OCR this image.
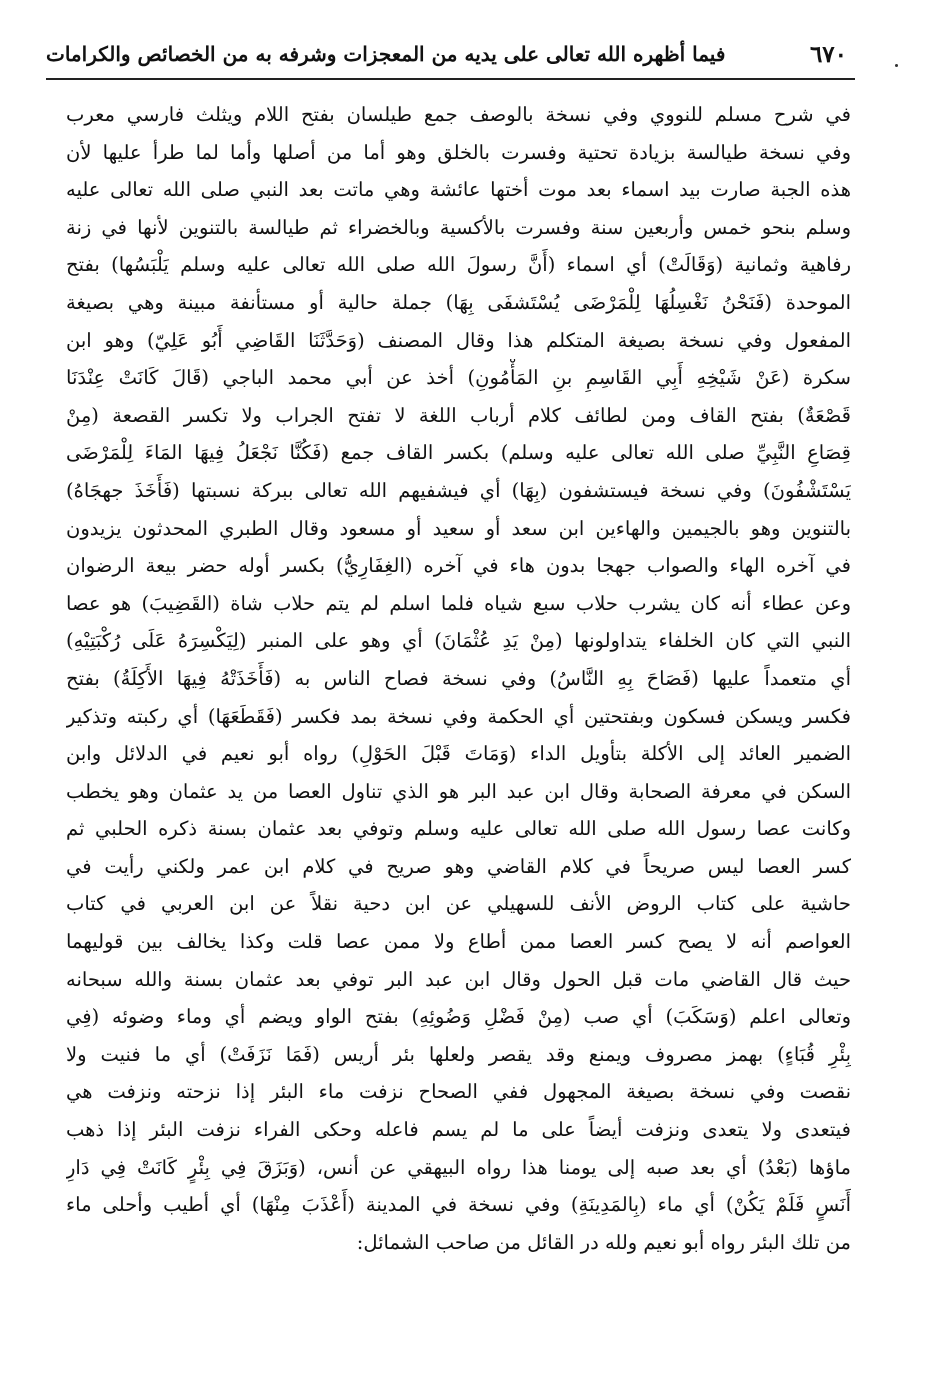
٦٧٠
فيما أظهره الله تعالى على يديه من المعجزات وشرفه به من الخصائص والكرامات
في شرح مسلم للنووي وفي نسخة بالوصف جمع طيلسان بفتح اللام ويثلث فارسي معرب
وفي نسخة طيالسة بزيادة تحتية وفسرت بالخلق وهو أما من أصلها وأما لما طرأ عليها لأن
هذه الجبة صارت بيد اسماء بعد موت أختها عائشة وهي ماتت بعد النبي صلى الله تعالى عليه
وسلم بنحو خمس وأربعين سنة وفسرت بالأكسية وبالخضراء ثم طيالسة بالتنوين لأنها في زنة
رفاهية وثمانية (وَقَالَتْ) أي اسماء (أَنَّ رسولَ الله صلى الله تعالى عليه وسلم يَلْبَسُها) بفتح
الموحدة (فَنَحْنُ نَغْسِلُهَا لِلْمَرْضَى يُسْتَشفَى بِهَا) جملة حالية أو مستأنفة مبينة وهي بصيغة
المفعول وفي نسخة بصيغة المتكلم هذا وقال المصنف (وَحَدَّثَنَا القَاضِي أَبُو عَلِيّ) وهو ابن
سكرة (عَنْ شَيْخِهِ أَبِي القَاسِمِ بنِ المَأْمُونِ) أخذ عن أبي محمد الباجي (قَالَ كَانَتْ عِنْدَنَا
قَصْعَةٌ) بفتح القاف ومن لطائف كلام أرباب اللغة لا تفتح الجراب ولا تكسر القصعة (مِنْ
قِصَاعِ النَّبِيِّ صلى الله تعالى عليه وسلم) بكسر القاف جمع (فَكُنَّا نَجْعَلُ فِيهَا المَاءَ لِلْمَرْضَى
يَسْتَشْفُونَ) وفي نسخة فيستشفون (بِهَا) أي فيشفيهم الله تعالى ببركة نسبتها (فَأَخَذَ جهجَاهُ)
بالتنوين وهو بالجيمين والهاءين ابن سعد أو سعيد أو مسعود وقال الطبري المحدثون يزيدون
في آخره الهاء والصواب جهجا بدون هاء في آخره (الغِفَارِيُّ) بكسر أوله حضر بيعة الرضوان
وعن عطاء أنه كان يشرب حلاب سبع شياه فلما اسلم لم يتم حلاب شاة (القَضِيبَ) هو عصا
النبي التي كان الخلفاء يتداولونها (مِنْ يَدِ عُثْمَانَ) أي وهو على المنبر (لِيَكْسِرَهُ عَلَى رُكْبَتِيْهِ)
أي متعمداً عليها (فَصَاحَ بِهِ النَّاسُ) وفي نسخة فصاح الناس به (فَأَخَذَتْهُ فِيهَا الأَكِلَةُ) بفتح
فكسر ويسكن فسكون وبفتحتين أي الحكمة وفي نسخة بمد فكسر (فَقَطَعَهَا) أي ركبته وتذكير
الضمير العائد إلى الأكلة بتأويل الداء (وَمَاتَ قَبْلَ الحَوْلِ) رواه أبو نعيم في الدلائل وابن
السكن في معرفة الصحابة وقال ابن عبد البر هو الذي تناول العصا من يد عثمان وهو يخطب
وكانت عصا رسول الله صلى الله تعالى عليه وسلم وتوفي بعد عثمان بسنة ذكره الحلبي ثم
كسر العصا ليس صريحاً في كلام القاضي وهو صريح في كلام ابن عمر ولكني رأيت في
حاشية على كتاب الروض الأنف للسهيلي عن ابن دحية نقلاً عن ابن العربي في كتاب
العواصم أنه لا يصح كسر العصا ممن أطاع ولا ممن عصا قلت وكذا يخالف بين قوليهما
حيث قال القاضي مات قبل الحول وقال ابن عبد البر توفي بعد عثمان بسنة والله سبحانه
وتعالى اعلم (وَسَكَبَ) أي صب (مِنْ فَضْلِ وَضُوئِهِ) بفتح الواو ويضم أي وماء وضوئه (فِي
بِئْرِ قُبَاءٍ) بهمز مصروف ويمنع وقد يقصر ولعلها بئر أريس (فَمَا نَزَفَتْ) أي ما فنيت ولا
نقصت وفي نسخة بصيغة المجهول ففي الصحاح نزفت ماء البئر إذا نزحته ونزفت هي
فيتعدى ولا يتعدى ونزفت أيضاً على ما لم يسم فاعله وحكى الفراء نزفت البئر إذا ذهب
ماؤها (بَعْدُ) أي بعد صبه إلى يومنا هذا رواه البيهقي عن أنس، (وَبَزَقَ فِي بِئْرٍ كَانَتْ فِي دَارِ
أَنَسٍ فَلَمْ يَكُنْ) أي ماء (بِالمَدِينَةِ) وفي نسخة في المدينة (أَعْذَبَ مِنْهَا) أي أطيب وأحلى ماء
من تلك البئر رواه أبو نعيم ولله در القائل من صاحب الشمائل:
